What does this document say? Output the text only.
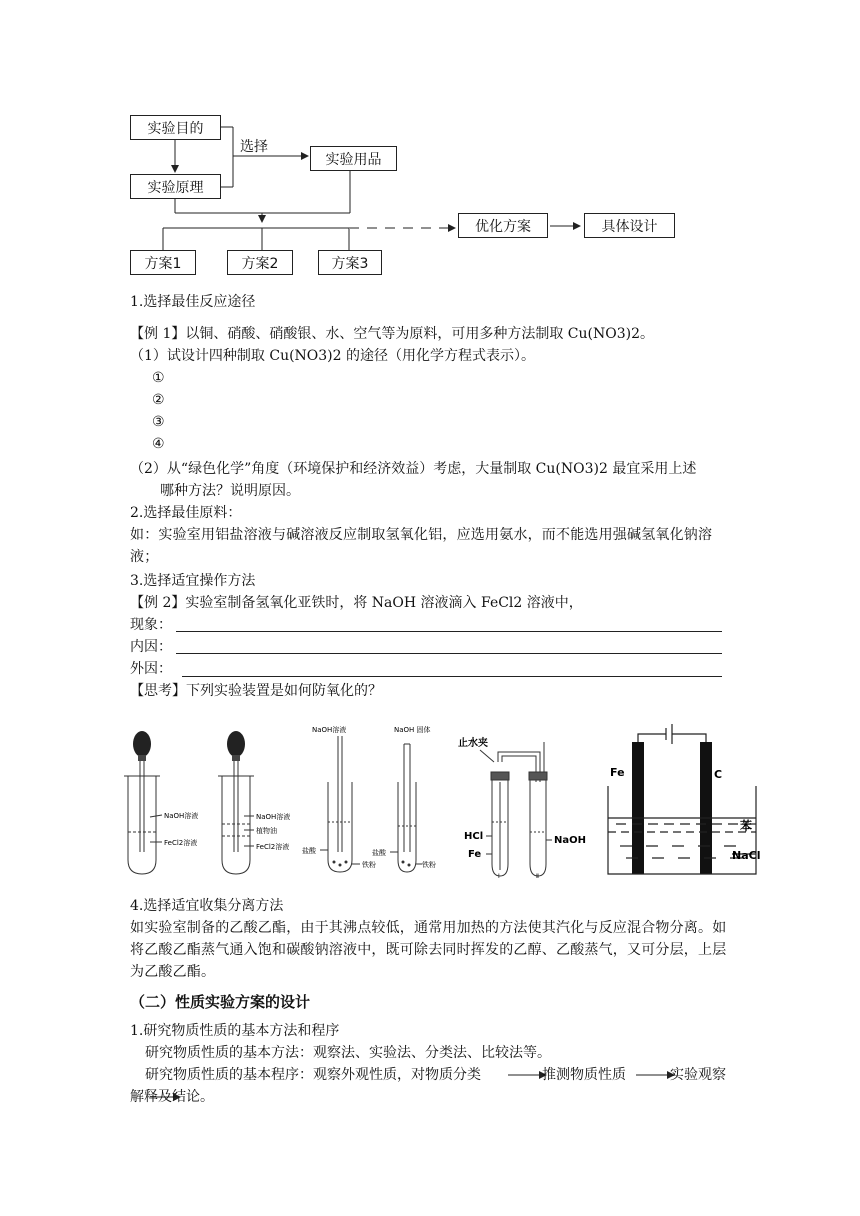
实验目的
实验原理
选择
实验用品
优化方案	具体设计
方案1	方案2	方案3
1.选择最佳反应途径
【例 1】以铜、硝酸、硝酸银、水、空气等为原料，可用多种方法制取 Cu(NO3)2。
（1）试设计四种制取 Cu(NO3)2 的途径（用化学方程式表示）。
①
②
③
④
（2）从“绿色化学”角度（环境保护和经济效益）考虑，大量制取 Cu(NO3)2 最宜采用上述
哪种方法？说明原因。
2.选择最佳原料：
如：实验室用铝盐溶液与碱溶液反应制取氢氧化铝，应选用氨水，而不能选用强碱氢氧化钠溶液；
3.选择适宜操作方法
【例 2】实验室制备氢氧化亚铁时，将 NaOH 溶液滴入 FeCl2 溶液中，
现象：
内因：
外因：
【思考】下列实验装置是如何防氧化的？
NaOH溶液
FeCl2溶液
NaOH溶液
植物油
FeCl2溶液
NaOH溶液
盐酸
铁粉
NaOH 固体
盐酸
铁粉
止水夹
HCl
Fe
NaOH
Ⅰ	Ⅱ
Fe	C
苯
NaCl
4.选择适宜收集分离方法
如实验室制备的乙酸乙酯，由于其沸点较低，通常用加热的方法使其汽化与反应混合物分离。如将乙酸乙酯蒸气通入饱和碳酸钠溶液中，既可除去同时挥发的乙醇、乙酸蒸气，又可分层，上层为乙酸乙酯。
（二）性质实验方案的设计
1.研究物质性质的基本方法和程序
研究物质性质的基本方法：观察法、实验法、分类法、比较法等。
研究物质性质的基本程序：观察外观性质，对物质分类	推测物质性质	实验观察
解释及结论。
